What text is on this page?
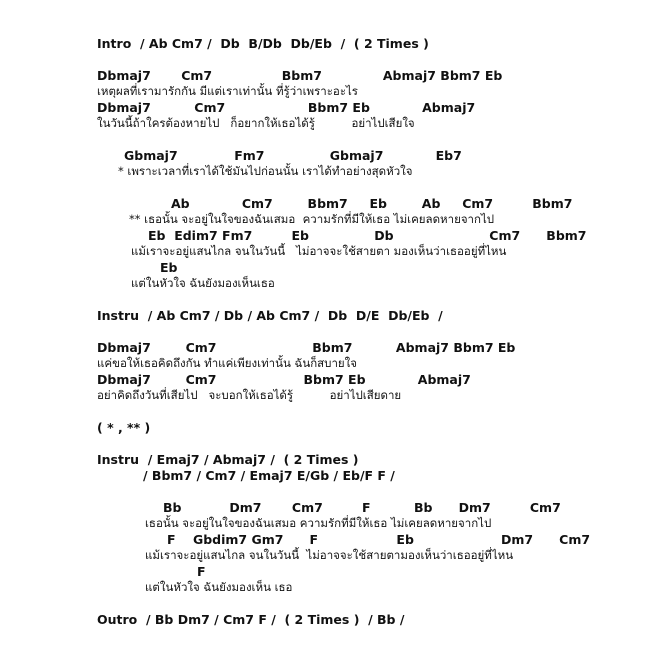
Intro  / Ab Cm7 /  Db  B/Db  Db/Eb  /  ( 2 Times )
Dbmaj7       Cm7                Bbm7              Abmaj7 Bbm7 Eb
เหตุผลที่เรามารักกัน มีแต่เราเท่านั้น ที่รู้ว่าเพราะอะไร
Dbmaj7          Cm7                   Bbm7 Eb            Abmaj7
ในวันนี้ถ้าใครต้องหายไป   ก็อยากให้เธอได้รู้          อย่าไปเสียใจ
Gbmaj7             Fm7               Gbmaj7            Eb7
* เพราะเวลาที่เราได้ใช้มันไปก่อนนั้น เราได้ทำอย่างสุดหัวใจ
Ab            Cm7        Bbm7     Eb        Ab     Cm7         Bbm7
** เธอนั้น จะอยู่ในใจของฉันเสมอ  ความรักที่มีให้เธอ ไม่เคยลดหายจากไป
Eb  Edim7 Fm7         Eb               Db                      Cm7      Bbm7
แม้เราจะอยู่แสนไกล จนในวันนี้   ไม่อาจจะใช้สายตา มองเห็นว่าเธออยู่ที่ไหน
Eb
แต่ในหัวใจ ฉันยังมองเห็นเธอ
Instru  / Ab Cm7 / Db / Ab Cm7 /  Db  D/E  Db/Eb  /
Dbmaj7        Cm7                      Bbm7          Abmaj7 Bbm7 Eb
แค่ขอให้เธอคิดถึงกัน ทำแค่เพียงเท่านั้น ฉันก็สบายใจ
Dbmaj7        Cm7                    Bbm7 Eb            Abmaj7
อย่าคิดถึงวันที่เสียไป   จะบอกให้เธอได้รู้          อย่าไปเสียดาย
( * , ** )
Instru  / Emaj7 / Abmaj7 /  ( 2 Times )
/ Bbm7 / Cm7 / Emaj7 E/Gb / Eb/F F /
Bb           Dm7       Cm7         F          Bb      Dm7         Cm7
เธอนั้น จะอยู่ในใจของฉันเสมอ ความรักที่มีให้เธอ ไม่เคยลดหายจากไป
F    Gbdim7 Gm7      F                  Eb                    Dm7      Cm7
แม้เราจะอยู่แสนไกล จนในวันนี้  ไม่อาจจะใช้สายตามองเห็นว่าเธออยู่ที่ไหน
F
แต่ในหัวใจ ฉันยังมองเห็น เธอ
Outro  / Bb Dm7 / Cm7 F /  ( 2 Times )  / Bb /
